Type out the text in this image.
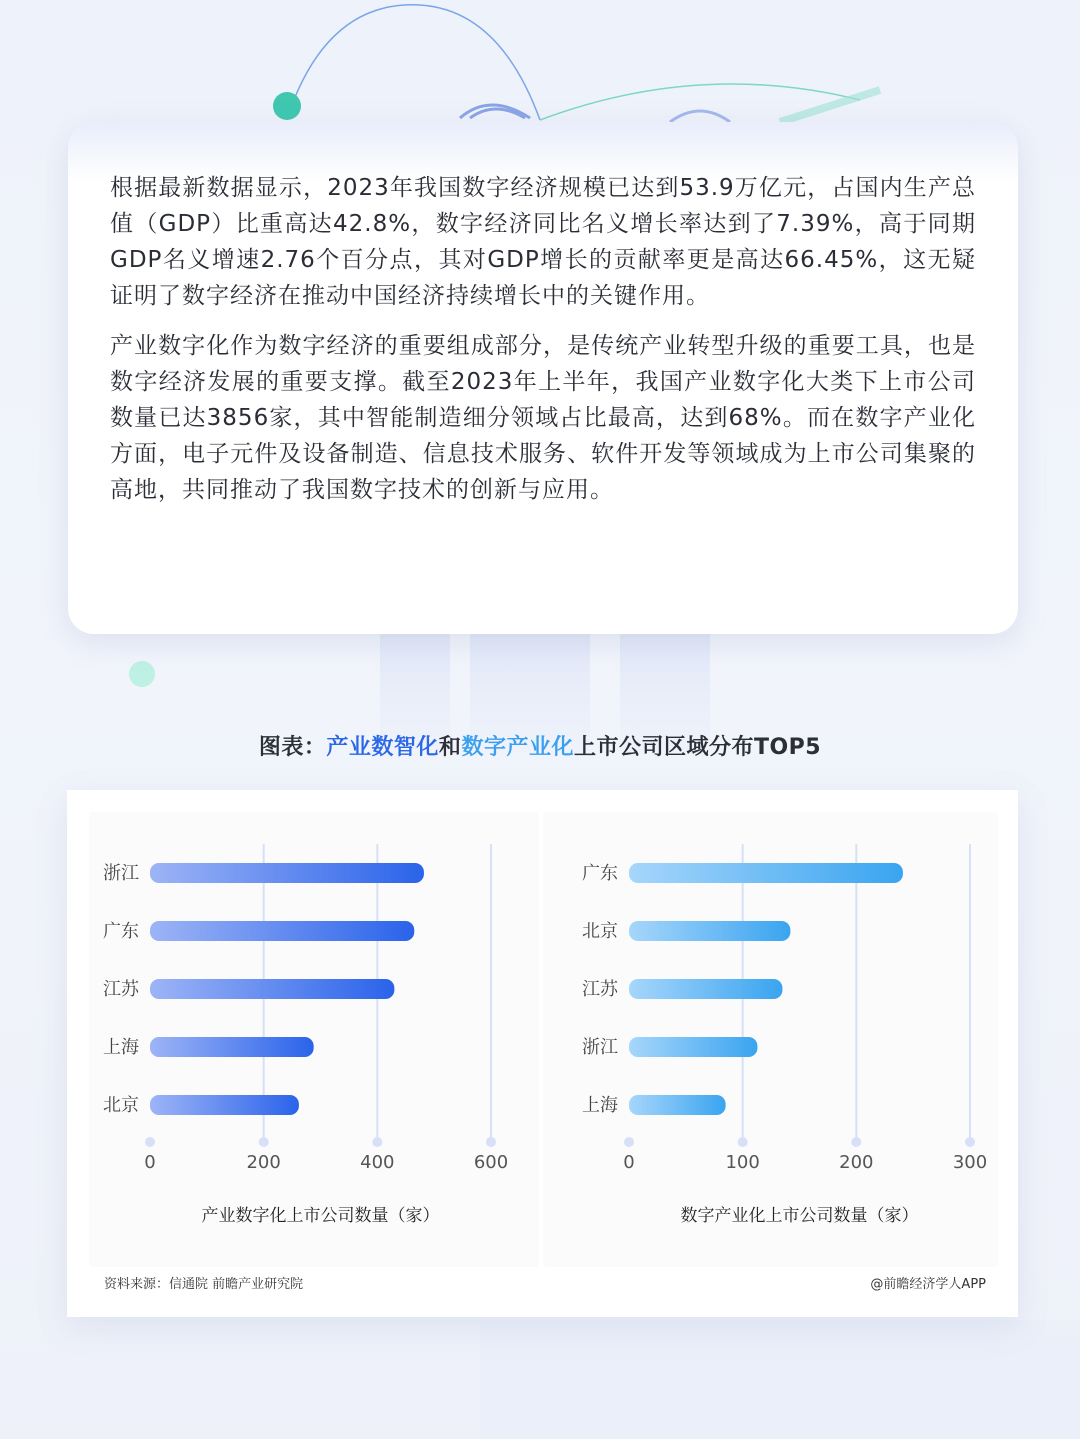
根据最新数据显示，2023年我国数字经济规模已达到53.9万亿元，占国内生产总值（GDP）比重高达42.8%，数字经济同比名义增长率达到了7.39%，高于同期GDP名义增速2.76个百分点，其对GDP增长的贡献率更是高达66.45%，这无疑证明了数字经济在推动中国经济持续增长中的关键作用。

产业数字化作为数字经济的重要组成部分，是传统产业转型升级的重要工具，也是数字经济发展的重要支撑。截至2023年上半年，我国产业数字化大类下上市公司数量已达3856家，其中智能制造细分领域占比最高，达到68%。而在数字产业化方面，电子元件及设备制造、信息技术服务、软件开发等领域成为上市公司集聚的高地，共同推动了我国数字技术的创新与应用。

图表：产业数智化和数字产业化上市公司区域分布TOP5
0	200	400	600
浙江
广东
江苏
上海
北京
产业数字化上市公司数量（家）
0	100	200	300
广东
北京
江苏
浙江
上海
数字产业化上市公司数量（家）
资料来源：信通院 前瞻产业研究院	@前瞻经济学人APP
